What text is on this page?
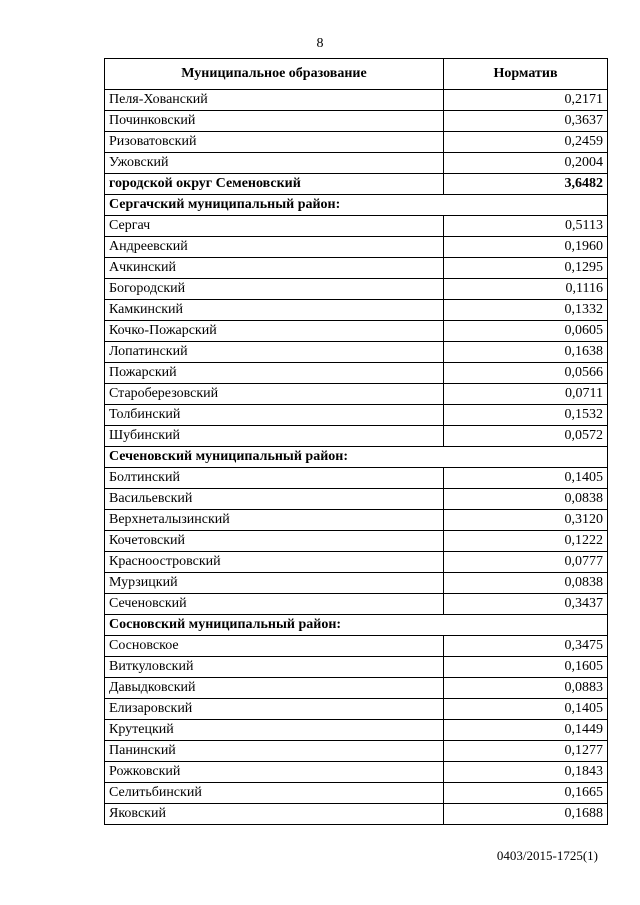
8
Муниципальное образование	Норматив
Пеля-Хованский	0,2171
Починковский	0,3637
Ризоватовский	0,2459
Ужовский	0,2004
городской округ Семеновский	3,6482
Сергачский муниципальный район:	
Сергач	0,5113
Андреевский	0,1960
Ачкинский	0,1295
Богородский	0,1116
Камкинский	0,1332
Кочко-Пожарский	0,0605
Лопатинский	0,1638
Пожарский	0,0566
Староберезовский	0,0711
Толбинский	0,1532
Шубинский	0,0572
Сеченовский муниципальный район:	
Болтинский	0,1405
Васильевский	0,0838
Верхнеталызинский	0,3120
Кочетовский	0,1222
Красноостровский	0,0777
Мурзицкий	0,0838
Сеченовский	0,3437
Сосновский муниципальный район:	
Сосновское	0,3475
Виткуловский	0,1605
Давыдковский	0,0883
Елизаровский	0,1405
Крутецкий	0,1449
Панинский	0,1277
Рожковский	0,1843
Селитьбинский	0,1665
Яковский	0,1688
0403/2015-1725(1)
